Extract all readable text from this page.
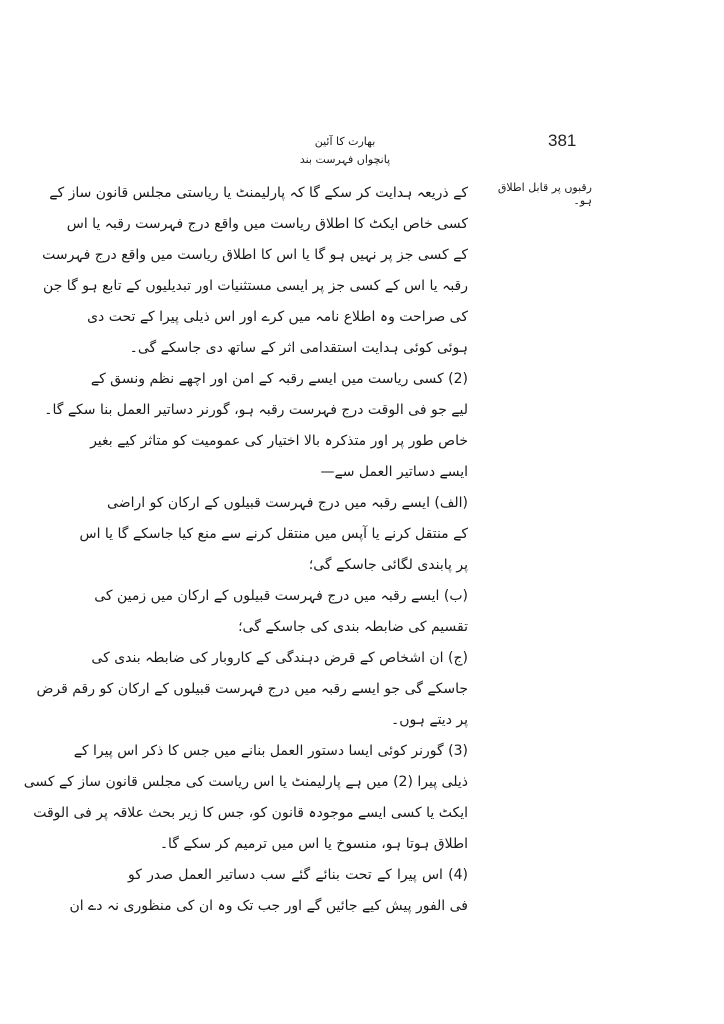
381
بھارت کا آئین
پانچواں فہرست بند
رقبوں پر قابل اطلاق ہو۔
کے ذریعہ ہدایت کر سکے گا کہ پارلیمنٹ یا ریاستی مجلس قانون ساز کے
کسی خاص ایکٹ کا اطلاق ریاست میں واقع درج فہرست رقبہ یا اس
کے کسی جز پر نہیں ہو گا یا اس کا اطلاق ریاست میں واقع درج فہرست
رقبہ یا اس کے کسی جز پر ایسی مستثنیات اور تبدیلیوں کے تابع ہو گا جن
کی صراحت وہ اطلاع نامہ میں کرے اور اس ذیلی پیرا کے تحت دی
ہوئی کوئی ہدایت استقدامی اثر کے ساتھ دی جاسکے گی۔
(2) کسی ریاست میں ایسے رقبہ کے امن اور اچھے نظم ونسق کے
لیے جو فی الوقت درج فہرست رقبہ ہو، گورنر دساتیر العمل بنا سکے گا۔
خاص طور پر اور متذکرہ بالا اختیار کی عمومیت کو متاثر کیے بغیر
ایسے دساتیر العمل سے—
(الف) ایسے رقبہ میں درج فہرست قبیلوں کے ارکان کو اراضی
کے منتقل کرنے یا آپس میں منتقل کرنے سے منع کیا جاسکے گا یا اس
پر پابندی لگائی جاسکے گی؛
(ب) ایسے رقبہ میں درج فہرست قبیلوں کے ارکان میں زمین کی
تقسیم کی ضابطہ بندی کی جاسکے گی؛
(ج) ان اشخاص کے قرض دہندگی کے کاروبار کی ضابطہ بندی کی
جاسکے گی جو ایسے رقبہ میں درج فہرست قبیلوں کے ارکان کو رقم قرض
پر دیتے ہوں۔
(3) گورنر کوئی ایسا دستور العمل بنانے میں جس کا ذکر اس پیرا کے
ذیلی پیرا (2) میں ہے پارلیمنٹ یا اس ریاست کی مجلس قانون ساز کے کسی
ایکٹ یا کسی ایسے موجودہ قانون کو، جس کا زیر بحث علاقہ پر فی الوقت
اطلاق ہوتا ہو، منسوخ یا اس میں ترمیم کر سکے گا۔
(4) اس پیرا کے تحت بنائے گئے سب دساتیر العمل صدر کو
فی الفور پیش کیے جائیں گے اور جب تک وہ ان کی منظوری نہ دے ان
